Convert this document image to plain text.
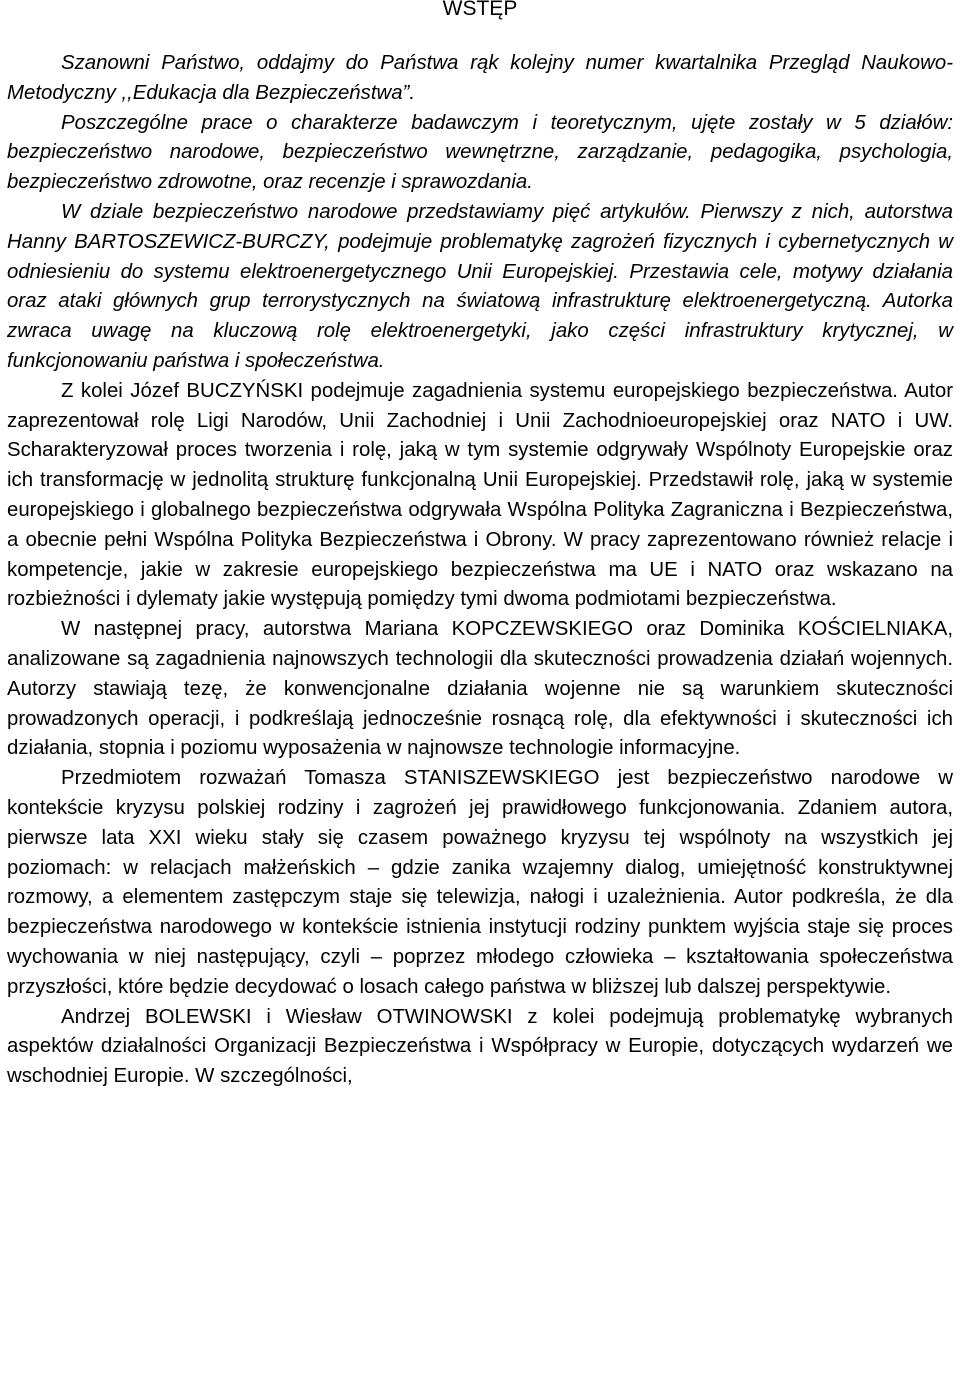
WSTĘP

Szanowni Państwo, oddajmy do Państwa rąk kolejny numer kwartalnika Przegląd Naukowo-Metodyczny ,,Edukacja dla Bezpieczeństwa”.

Poszczególne prace o charakterze badawczym i teoretycznym, ujęte zostały w 5 działów: bezpieczeństwo narodowe, bezpieczeństwo wewnętrzne, zarządzanie, pedagogika, psychologia, bezpieczeństwo zdrowotne, oraz recenzje i sprawozdania.

W dziale bezpieczeństwo narodowe przedstawiamy pięć artykułów. Pierwszy z nich, autorstwa Hanny BARTOSZEWICZ-BURCZY, podejmuje problematykę zagrożeń fizycznych i cybernetycznych w odniesieniu do systemu elektroenergetycznego Unii Europejskiej. Przestawia cele, motywy działania oraz ataki głównych grup terrorystycznych na światową infrastrukturę elektroenergetyczną. Autorka zwraca uwagę na kluczową rolę elektroenergetyki, jako części infrastruktury krytycznej, w funkcjonowaniu państwa i społeczeństwa.

Z kolei Józef BUCZYŃSKI podejmuje zagadnienia systemu europejskiego bezpieczeństwa. Autor zaprezentował rolę Ligi Narodów, Unii Zachodniej i Unii Zachodnioeuropejskiej oraz NATO i UW. Scharakteryzował proces tworzenia i rolę, jaką w tym systemie odgrywały Wspólnoty Europejskie oraz ich transformację w jednolitą strukturę funkcjonalną Unii Europejskiej. Przedstawił rolę, jaką w systemie europejskiego i globalnego bezpieczeństwa odgrywała Wspólna Polityka Zagraniczna i Bezpieczeństwa, a obecnie pełni Wspólna Polityka Bezpieczeństwa i Obrony. W pracy zaprezentowano również relacje i kompetencje, jakie w zakresie europejskiego bezpieczeństwa ma UE i NATO oraz wskazano na rozbieżności i dylematy jakie występują pomiędzy tymi dwoma podmiotami bezpieczeństwa.

W następnej pracy, autorstwa Mariana KOPCZEWSKIEGO oraz Dominika KOŚCIELNIAKA, analizowane są zagadnienia najnowszych technologii dla skuteczności prowadzenia działań wojennych. Autorzy stawiają tezę, że konwencjonalne działania wojenne nie są warunkiem skuteczności prowadzonych operacji, i podkreślają jednocześnie rosnącą rolę, dla efektywności i skuteczności ich działania, stopnia i poziomu wyposażenia w najnowsze technologie informacyjne.

Przedmiotem rozważań Tomasza STANISZEWSKIEGO jest bezpieczeństwo narodowe w kontekście kryzysu polskiej rodziny i zagrożeń jej prawidłowego funkcjonowania. Zdaniem autora, pierwsze lata XXI wieku stały się czasem poważnego kryzysu tej wspólnoty na wszystkich jej poziomach: w relacjach małżeńskich – gdzie zanika wzajemny dialog, umiejętność konstruktywnej rozmowy, a elementem zastępczym staje się telewizja, nałogi i uzależnienia. Autor podkreśla, że dla bezpieczeństwa narodowego w kontekście istnienia instytucji rodziny punktem wyjścia staje się proces wychowania w niej następujący, czyli – poprzez młodego człowieka – kształtowania społeczeństwa przyszłości, które będzie decydować o losach całego państwa w bliższej lub dalszej perspektywie.

Andrzej BOLEWSKI i Wiesław OTWINOWSKI z kolei podejmują problematykę wybranych aspektów działalności Organizacji Bezpieczeństwa i Współpracy w Europie, dotyczących wydarzeń we wschodniej Europie. W szczególności,
